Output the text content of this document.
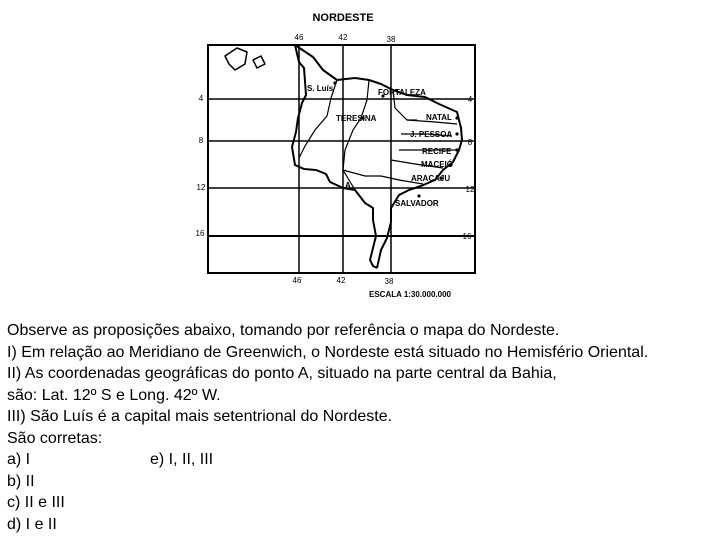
NORDESTE
46	42	38
46	42	38
4
8
12
16
4
8
12
16
S. Luís	FORTALEZA
TERESINA	NATAL
J. PESSOA
RECIFE
MACEIÓ
ARACAJU
SALVADOR
A
ESCALA 1:30.000.000
Observe as proposições abaixo, tomando por referência o mapa do Nordeste.
I) Em relação ao Meridiano de Greenwich, o Nordeste está situado no Hemisfério Oriental.
II) As coordenadas geográficas do ponto A, situado na parte central da Bahia,
são: Lat. 12º S e Long. 42º W.
III) São Luís é a capital mais setentrional do Nordeste.
São corretas:
a) I	e) I, II, III
b) II
c) II e III
d) I e II
